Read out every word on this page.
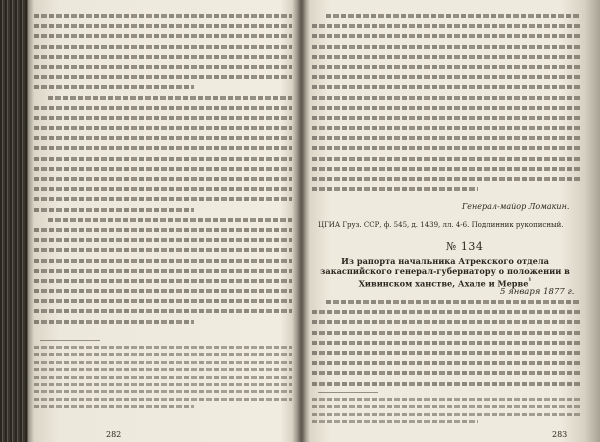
282
Генерал-майор Ломакин.
ЦГИА Груз. ССР, ф. 545, д. 1439, лл. 4-6. Подлинник рукописный.
№ 134
Из рапорта начальника Атрекского отдела закаспийского генерал-губернатору о положении в Хивинском ханстве, Ахале и Мерве$^{^1}$
5 января 1877 г.
283
